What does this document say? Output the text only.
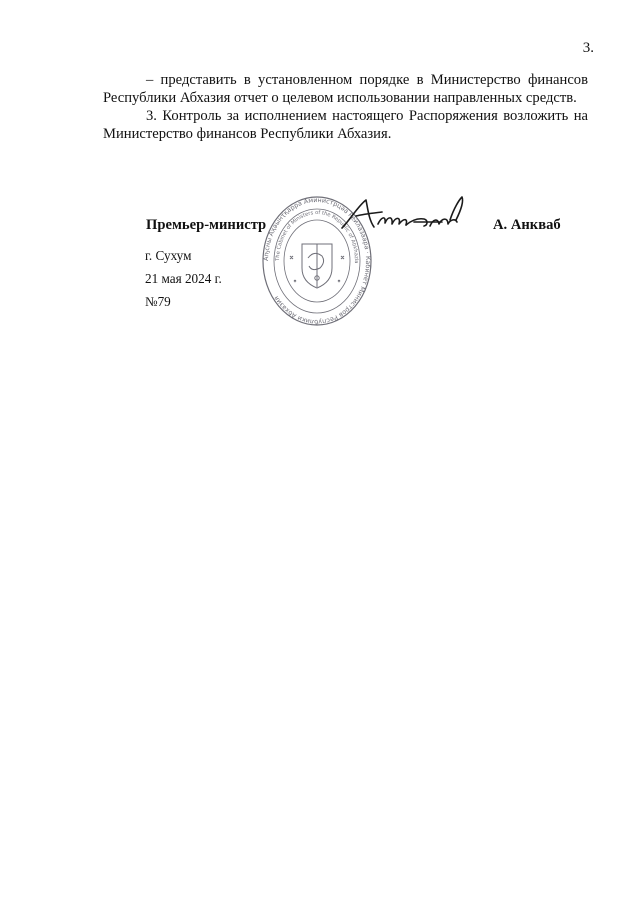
3.

– представить в установленном порядке в Министерство финансов Республики Абхазия отчет о целевом использовании направленных средств.

3. Контроль за исполнением настоящего Распоряжения возложить на Министерство финансов Республики Абхазия.

Аҧсны Аҳәынҭқарра Аминистрцәа Реилазаара · Кабинет Министров Республики Абхазия
The Cabinet of Ministers of the Republic of Abkhazia
Премьер-министр	А. Анкваб
г. Сухум
21 мая 2024 г.
№79
